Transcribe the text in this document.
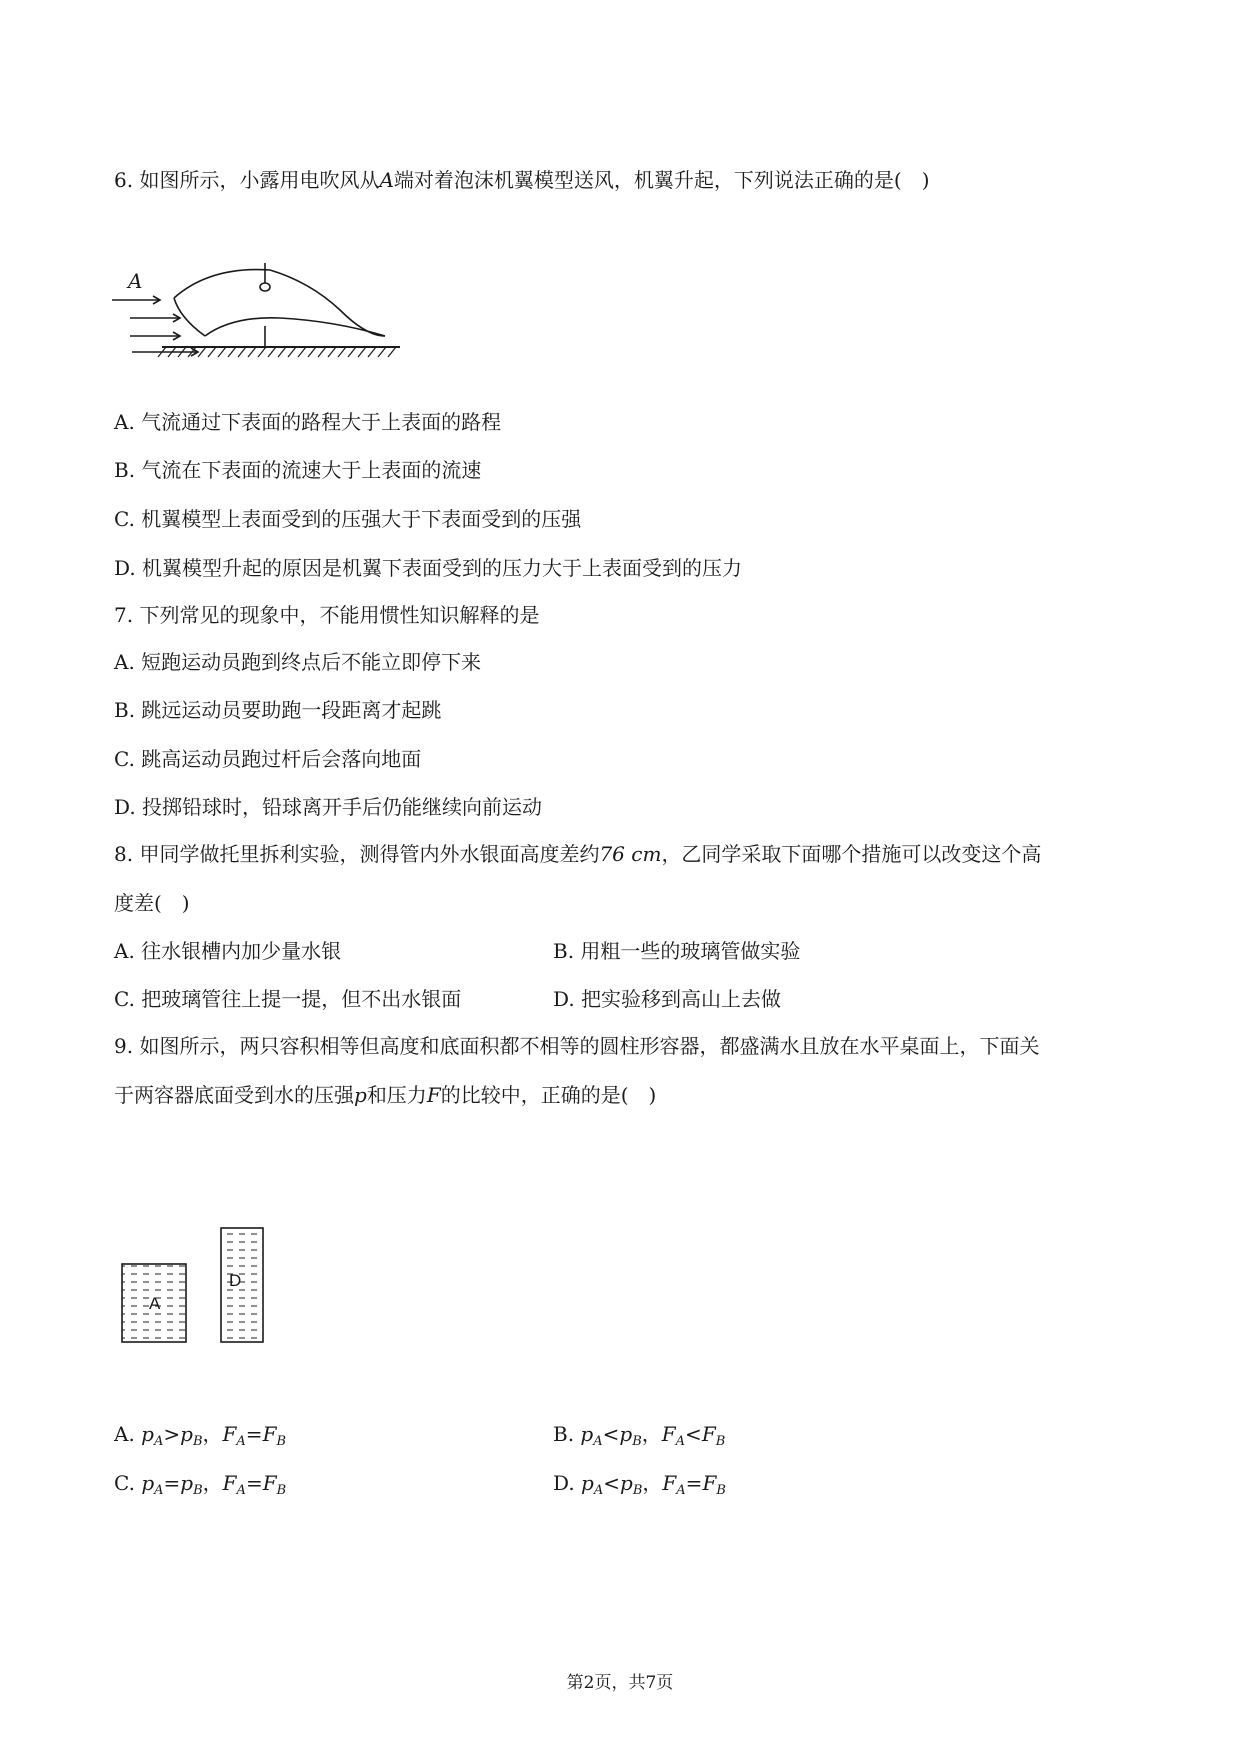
6. 如图所示，小露用电吹风从A端对着泡沫机翼模型送风，机翼升起，下列说法正确的是(　)
A
A. 气流通过下表面的路程大于上表面的路程
B. 气流在下表面的流速大于上表面的流速
C. 机翼模型上表面受到的压强大于下表面受到的压强
D. 机翼模型升起的原因是机翼下表面受到的压力大于上表面受到的压力
7. 下列常见的现象中，不能用惯性知识解释的是
A. 短跑运动员跑到终点后不能立即停下来
B. 跳远运动员要助跑一段距离才起跳
C. 跳高运动员跑过杆后会落向地面
D. 投掷铅球时，铅球离开手后仍能继续向前运动
8. 甲同学做托里拆利实验，测得管内外水银面高度差约76 cm，乙同学采取下面哪个措施可以改变这个高
度差(　)
A. 往水银槽内加少量水银	B. 用粗一些的玻璃管做实验
C. 把玻璃管往上提一提，但不出水银面	D. 把实验移到高山上去做
9. 如图所示，两只容积相等但高度和底面积都不相等的圆柱形容器，都盛满水且放在水平桌面上，下面关
于两容器底面受到水的压强p和压力F的比较中，正确的是(　)
A
D
A. $p_A>p_B$，$F_A=F_B$	B. $p_A<p_B$，$F_A<F_B$
C. $p_A=p_B$，$F_A=F_B$	D. $p_A<p_B$，$F_A=F_B$
第2页，共7页
